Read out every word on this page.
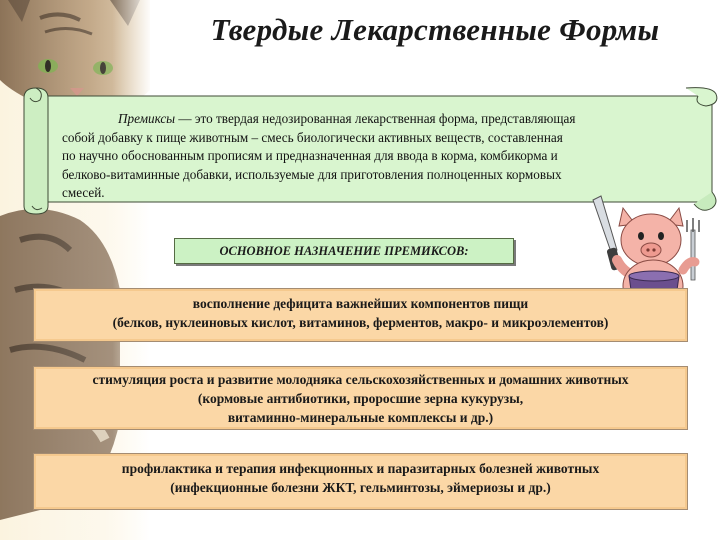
Твердые Лекарственные Формы
Премиксы — это твердая недозированная лекарственная форма, представляющая
собой добавку к пище животным – смесь биологически активных веществ, составленная
по научно обоснованным прописям и предназначенная для ввода в корма, комбикорма и
белково-витаминные добавки, используемые для приготовления полноценных кормовых
смесей.
ОСНОВНОЕ НАЗНАЧЕНИЕ ПРЕМИКСОВ:
восполнение дефицита важнейших компонентов пищи
(белков, нуклеиновых кислот, витаминов, ферментов, макро- и микроэлементов)
стимуляция роста и развитие молодняка сельскохозяйственных и домашних животных
(кормовые антибиотики, проросшие зерна кукурузы,
витаминно-минеральные комплексы и др.)
профилактика и терапия инфекционных и паразитарных болезней животных
(инфекционные болезни ЖКТ, гельминтозы, эймериозы и др.)
